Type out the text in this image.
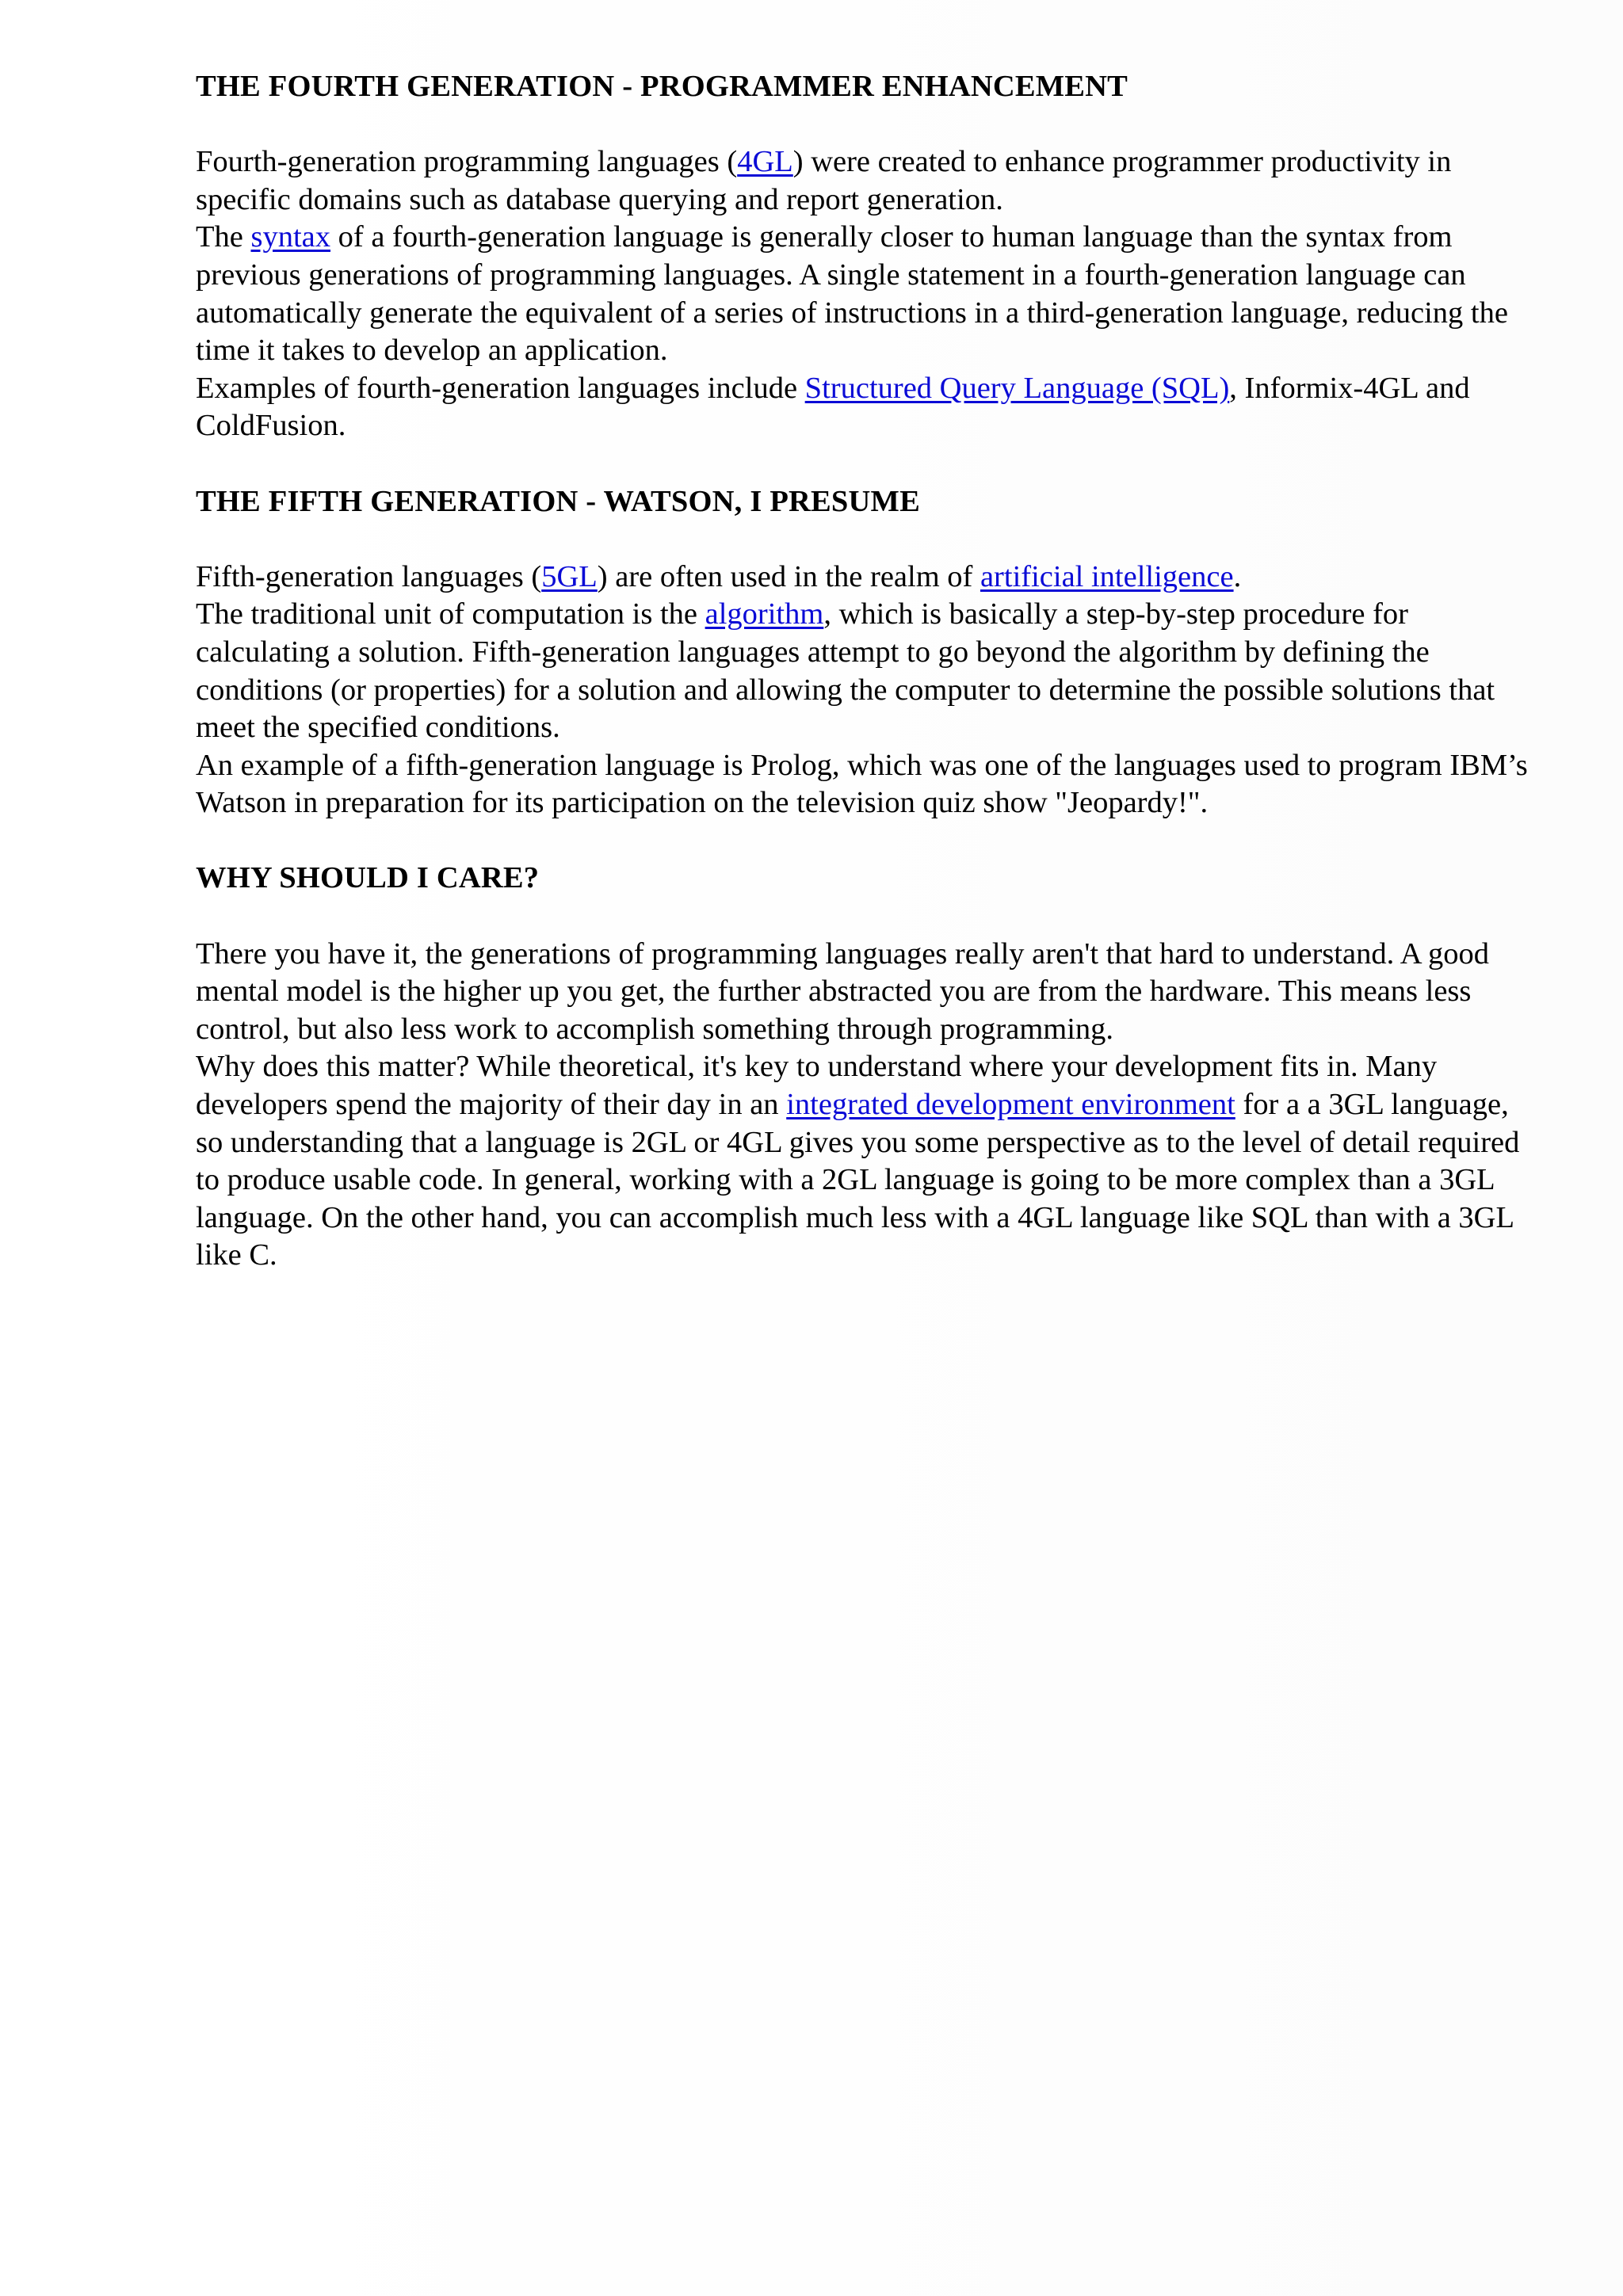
THE FOURTH GENERATION - PROGRAMMER ENHANCEMENT

Fourth-generation programming languages (4GL) were created to enhance programmer productivity in specific domains such as database querying and report generation.

The syntax of a fourth-generation language is generally closer to human language than the syntax from previous generations of programming languages. A single statement in a fourth-generation language can automatically generate the equivalent of a series of instructions in a third-generation language, reducing the time it takes to develop an application.

Examples of fourth-generation languages include Structured Query Language (SQL), Informix-4GL and ColdFusion.

THE FIFTH GENERATION - WATSON, I PRESUME

Fifth-generation languages (5GL) are often used in the realm of artificial intelligence.

The traditional unit of computation is the algorithm, which is basically a step-by-step procedure for calculating a solution. Fifth-generation languages attempt to go beyond the algorithm by defining the conditions (or properties) for a solution and allowing the computer to determine the possible solutions that meet the specified conditions.

An example of a fifth-generation language is Prolog, which was one of the languages used to program IBM’s Watson in preparation for its participation on the television quiz show "Jeopardy!".

WHY SHOULD I CARE?

There you have it, the generations of programming languages really aren't that hard to understand. A good mental model is the higher up you get, the further abstracted you are from the hardware. This means less control, but also less work to accomplish something through programming.

Why does this matter? While theoretical, it's key to understand where your development fits in. Many developers spend the majority of their day in an integrated development environment for a a 3GL language, so understanding that a language is 2GL or 4GL gives you some perspective as to the level of detail required to produce usable code. In general, working with a 2GL language is going to be more complex than a 3GL language. On the other hand, you can accomplish much less with a 4GL language like SQL than with a 3GL like C.
